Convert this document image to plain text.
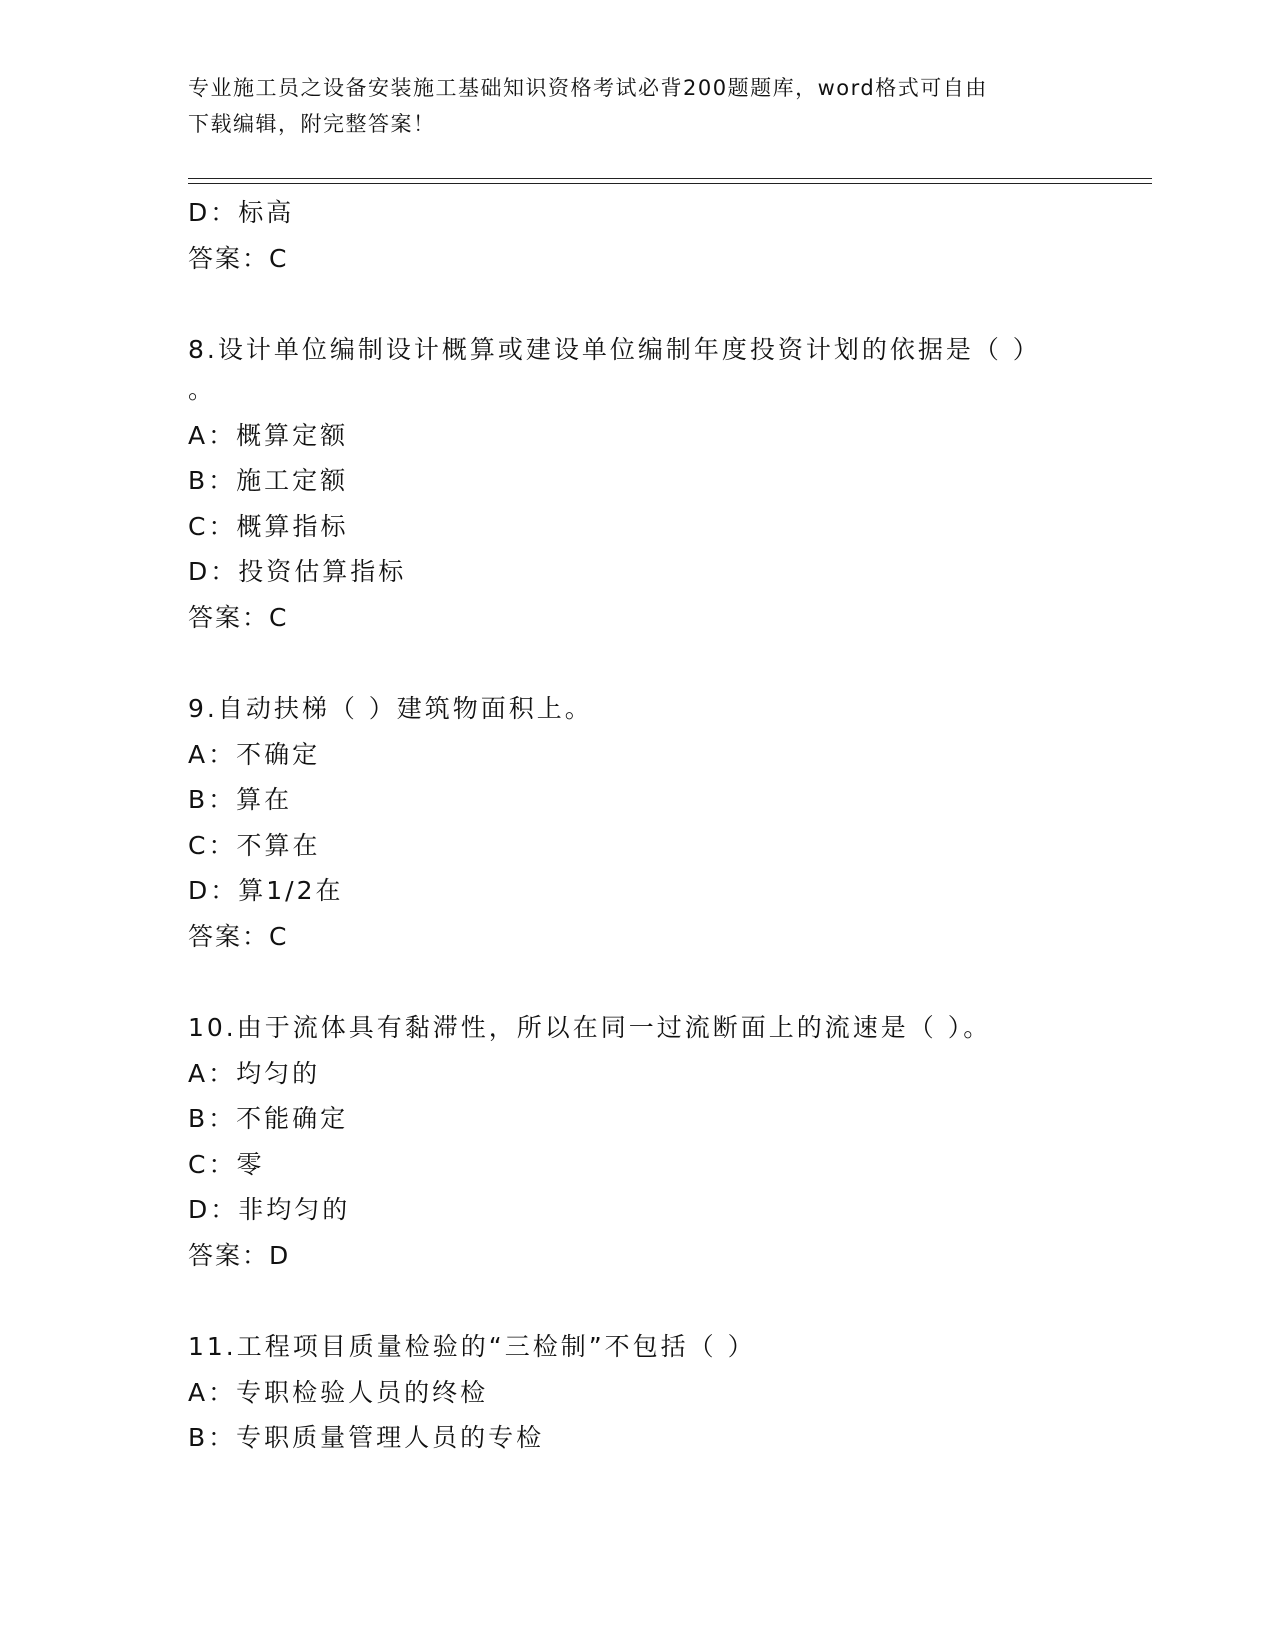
专业施工员之设备安装施工基础知识资格考试必背200题题库，word格式可自由
下载编辑，附完整答案！
D：标高
答案：C
8.设计单位编制设计概算或建设单位编制年度投资计划的依据是（ ）
。
A：概算定额
B：施工定额
C：概算指标
D：投资估算指标
答案：C
9.自动扶梯（ ）建筑物面积上。
A：不确定
B：算在
C：不算在
D：算1/2在
答案：C
10.由于流体具有黏滞性，所以在同一过流断面上的流速是（ ）。
A：均匀的
B：不能确定
C：零
D：非均匀的
答案：D
11.工程项目质量检验的“三检制”不包括（ ）
A：专职检验人员的终检
B：专职质量管理人员的专检
